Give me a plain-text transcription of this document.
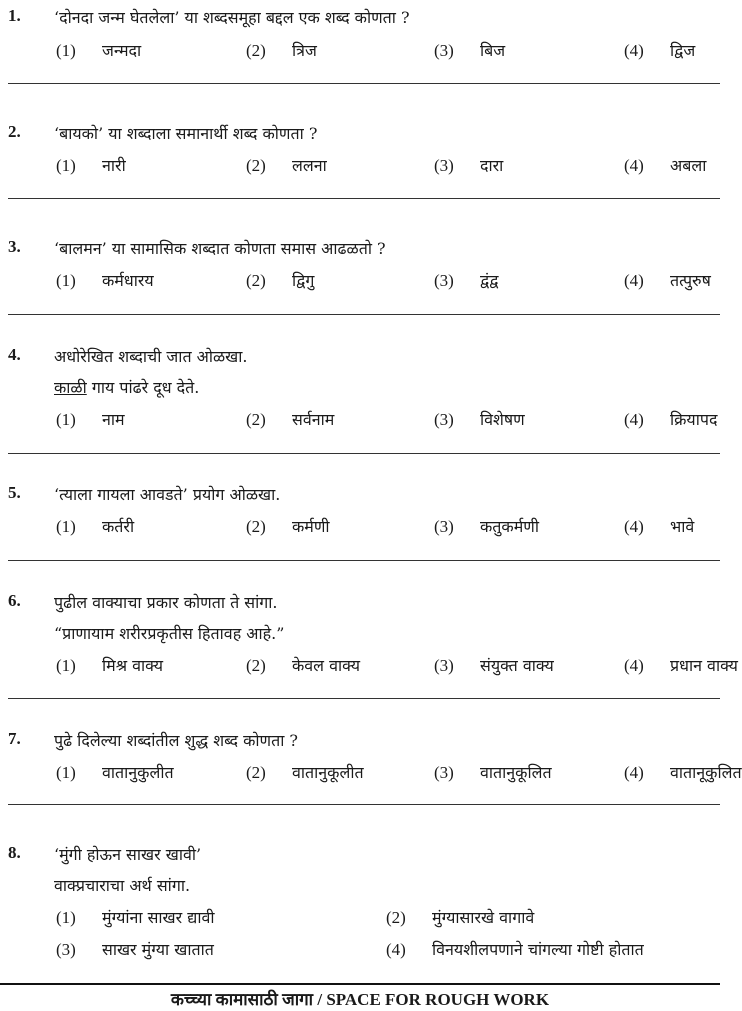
1. ‘दोनदा जन्म घेतलेला’ या शब्दसमूहा बद्दल एक शब्द कोणता ?
(1) जन्मदा	(2) त्रिज	(3) बिज	(4) द्विज
2. ‘बायको’ या शब्दाला समानार्थी शब्द कोणता ?
(1) नारी	(2) ललना	(3) दारा	(4) अबला
3. ‘बालमन’ या सामासिक शब्दात कोणता समास आढळतो ?
(1) कर्मधारय	(2) द्विगु	(3) द्वंद्व	(4) तत्पुरुष
4. अधोरेखित शब्दाची जात ओळखा.
काळी गाय पांढरे दूध देते.
(1) नाम	(2) सर्वनाम	(3) विशेषण	(4) क्रियापद
5. ‘त्याला गायला आवडते’ प्रयोग ओळखा.
(1) कर्तरी	(2) कर्मणी	(3) कतुकर्मणी	(4) भावे
6. पुढील वाक्याचा प्रकार कोणता ते सांगा.
“प्राणायाम शरीरप्रकृतीस हितावह आहे.”
(1) मिश्र वाक्य	(2) केवल वाक्य	(3) संयुक्त वाक्य	(4) प्रधान वाक्य
7. पुढे दिलेल्या शब्दांतील शुद्ध शब्द कोणता ?
(1) वातानुकुलीत	(2) वातानुकूलीत	(3) वातानुकूलित	(4) वातानूकुलित
8. ‘मुंगी होऊन साखर खावी’
वाक्प्रचाराचा अर्थ सांगा.
(1) मुंग्यांना साखर द्यावी	(2) मुंग्यासारखे वागावे
(3) साखर मुंग्या खातात	(4) विनयशीलपणाने चांगल्या गोष्टी होतात
कच्च्या कामासाठी जागा / SPACE FOR ROUGH WORK
